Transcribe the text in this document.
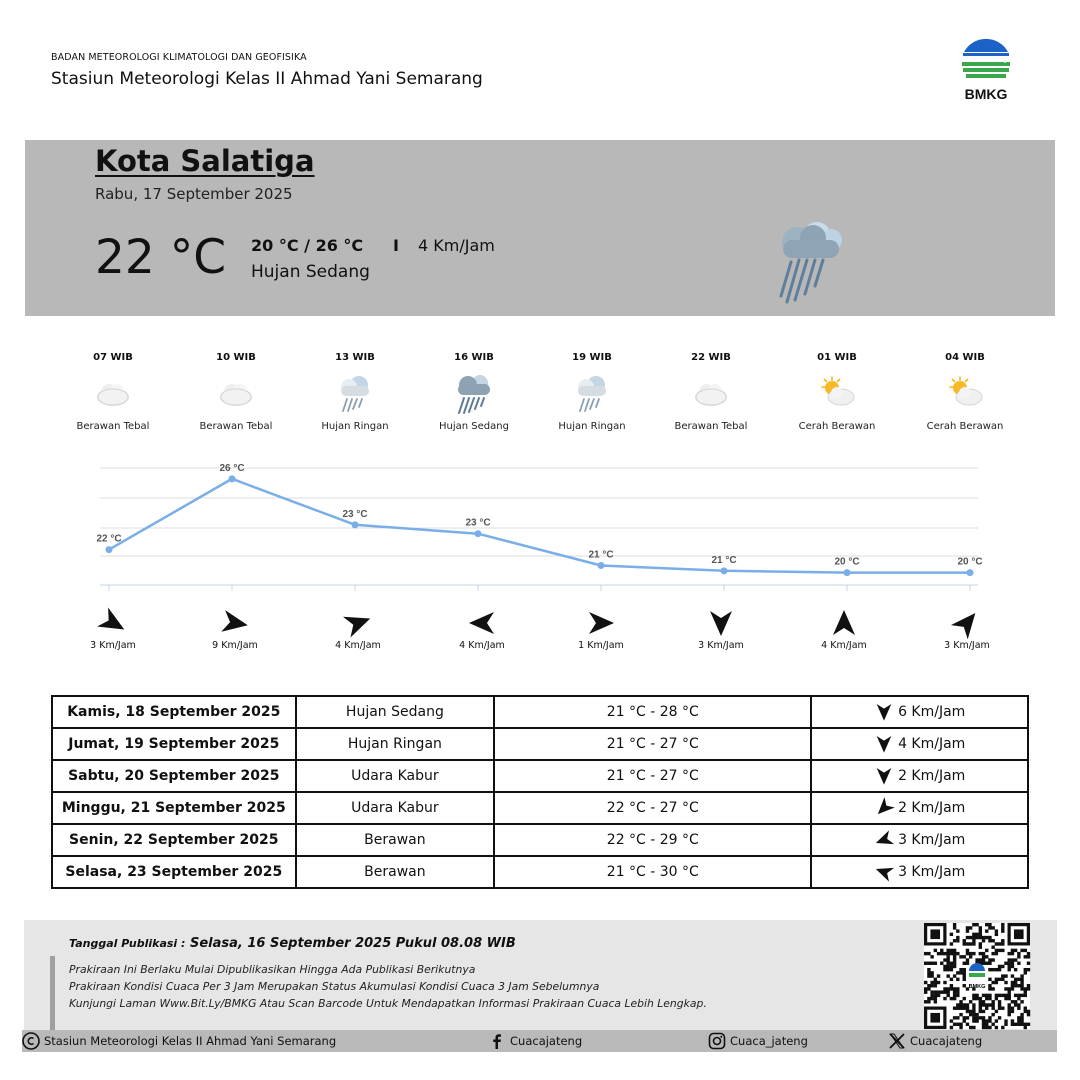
BADAN METEOROLOGI KLIMATOLOGI DAN GEOFISIKA
Stasiun Meteorologi Kelas II Ahmad Yani Semarang
BMKG
Kota Salatiga
Rabu, 17 September 2025
22 °C 20 °C / 26 °C I 4 Km/Jam
Hujan Sedang
07 WIB
Berawan Tebal
10 WIB
Berawan Tebal
13 WIB
Hujan Ringan
16 WIB
Hujan Sedang
19 WIB
Hujan Ringan
22 WIB
Berawan Tebal
01 WIB
Cerah Berawan
04 WIB
Cerah Berawan
22 °C
26 °C
23 °C
23 °C
21 °C	21 °C	20 °C	20 °C
3 Km/Jam	9 Km/Jam	4 Km/Jam	4 Km/Jam	1 Km/Jam	3 Km/Jam	4 Km/Jam	3 Km/Jam
Kamis, 18 September 2025	Hujan Sedang	21 °C - 28 °C	6 Km/Jam
Jumat, 19 September 2025	Hujan Ringan	21 °C - 27 °C	4 Km/Jam
Sabtu, 20 September 2025	Udara Kabur	21 °C - 27 °C	2 Km/Jam
Minggu, 21 September 2025	Udara Kabur	22 °C - 27 °C	2 Km/Jam
Senin, 22 September 2025	Berawan	22 °C - 29 °C	3 Km/Jam
Selasa, 23 September 2025	Berawan	21 °C - 30 °C	3 Km/Jam
Tanggal Publikasi : Selasa, 16 September 2025 Pukul 08.08 WIB
Prakiraan Ini Berlaku Mulai Dipublikasikan Hingga Ada Publikasi Berikutnya
Prakiraan Kondisi Cuaca Per 3 Jam Merupakan Status Akumulasi Kondisi Cuaca 3 Jam Sebelumnya
Kunjungi Laman Www.Bit.Ly/BMKG Atau Scan Barcode Untuk Mendapatkan Informasi Prakiraan Cuaca Lebih Lengkap.
BMKG
Stasiun Meteorologi Kelas II Ahmad Yani Semarang	Cuacajateng	Cuaca_jateng	Cuacajateng
